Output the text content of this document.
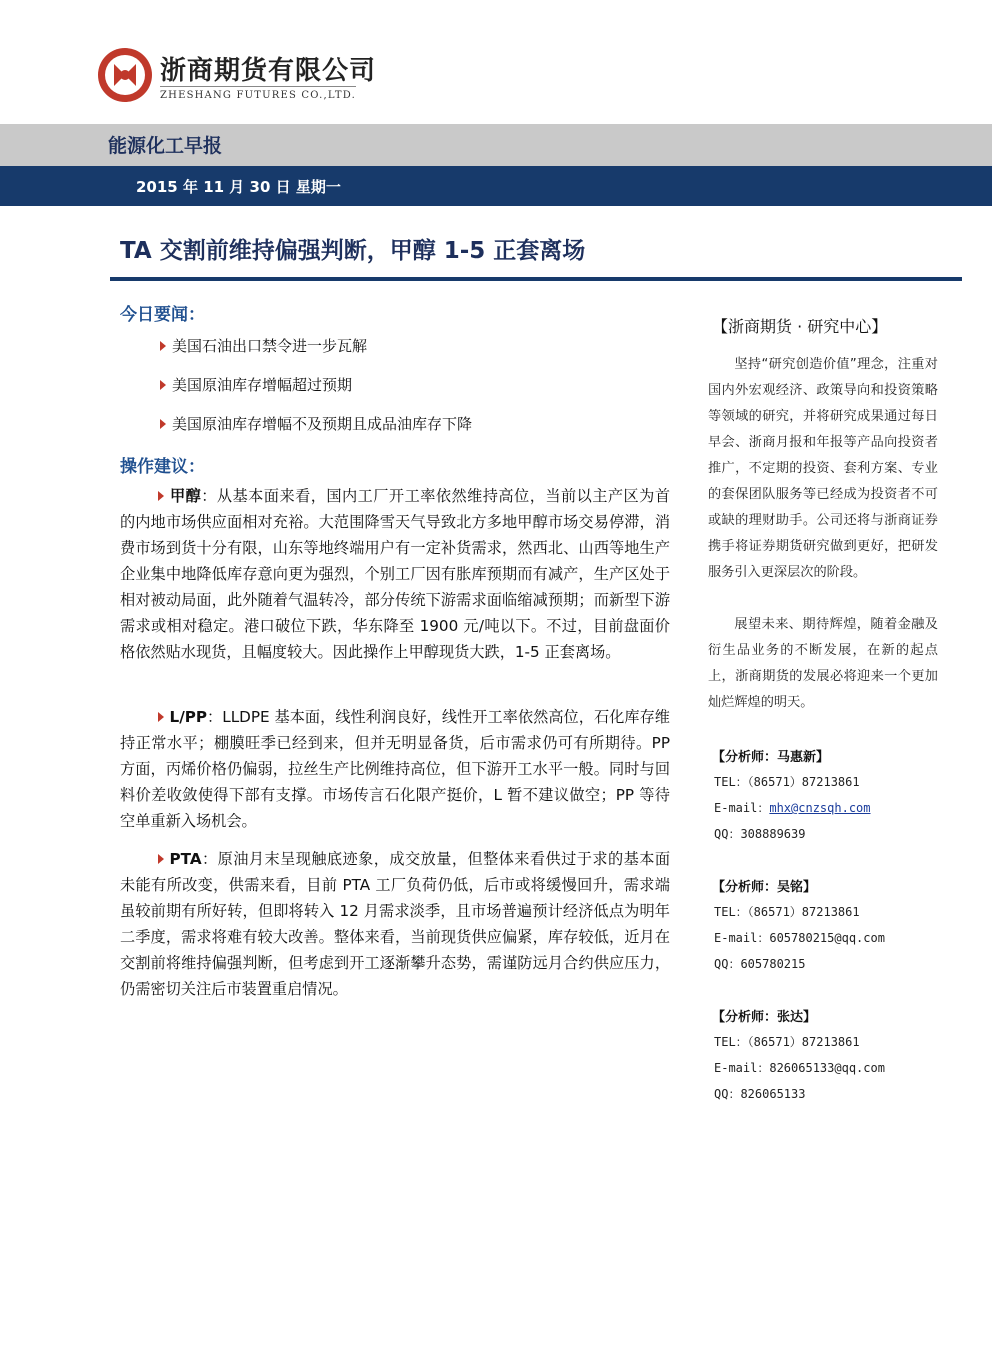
浙商期货有限公司
ZHESHANG FUTURES CO.,LTD.
能源化工早报
2015 年 11 月 30 日 星期一
TA 交割前维持偏强判断，甲醇 1-5 正套离场
今日要闻：
美国石油出口禁令进一步瓦解
美国原油库存增幅超过预期
美国原油库存增幅不及预期且成品油库存下降
操作建议：
甲醇：从基本面来看，国内工厂开工率依然维持高位，当前以主产区为首的内地市场供应面相对充裕。大范围降雪天气导致北方多地甲醇市场交易停滞，消费市场到货十分有限，山东等地终端用户有一定补货需求，然西北、山西等地生产企业集中地降低库存意向更为强烈，个别工厂因有胀库预期而有减产，生产区处于相对被动局面，此外随着气温转冷，部分传统下游需求面临缩减预期；而新型下游需求或相对稳定。港口破位下跌，华东降至 1900 元/吨以下。不过，目前盘面价格依然贴水现货，且幅度较大。因此操作上甲醇现货大跌，1-5 正套离场。
L/PP：LLDPE 基本面，线性利润良好，线性开工率依然高位，石化库存维持正常水平；棚膜旺季已经到来，但并无明显备货，后市需求仍可有所期待。PP 方面，丙烯价格仍偏弱，拉丝生产比例维持高位，但下游开工水平一般。同时与回料价差收敛使得下部有支撑。市场传言石化限产挺价，L 暂不建议做空；PP 等待空单重新入场机会。
PTA：原油月末呈现触底迹象，成交放量，但整体来看供过于求的基本面未能有所改变，供需来看，目前 PTA 工厂负荷仍低，后市或将缓慢回升，需求端虽较前期有所好转，但即将转入 12 月需求淡季，且市场普遍预计经济低点为明年二季度，需求将难有较大改善。整体来看，当前现货供应偏紧，库存较低，近月在交割前将维持偏强判断，但考虑到开工逐渐攀升态势，需谨防远月合约供应压力，仍需密切关注后市装置重启情况。
【浙商期货 · 研究中心】
坚持“研究创造价值”理念，注重对国内外宏观经济、政策导向和投资策略等领域的研究，并将研究成果通过每日早会、浙商月报和年报等产品向投资者推广，不定期的投资、套利方案、专业的套保团队服务等已经成为投资者不可或缺的理财助手。公司还将与浙商证券携手将证券期货研究做到更好，把研发服务引入更深层次的阶段。
展望未来、期待辉煌，随着金融及衍生品业务的不断发展，在新的起点上，浙商期货的发展必将迎来一个更加灿烂辉煌的明天。
【分析师：马惠新】
TEL：（86571）87213861
E-mail：mhx@cnzsqh.com
QQ：308889639
【分析师：吴铭】
TEL：（86571）87213861
E-mail：605780215@qq.com
QQ：605780215
【分析师：张达】
TEL：（86571）87213861
E-mail：826065133@qq.com
QQ：826065133
